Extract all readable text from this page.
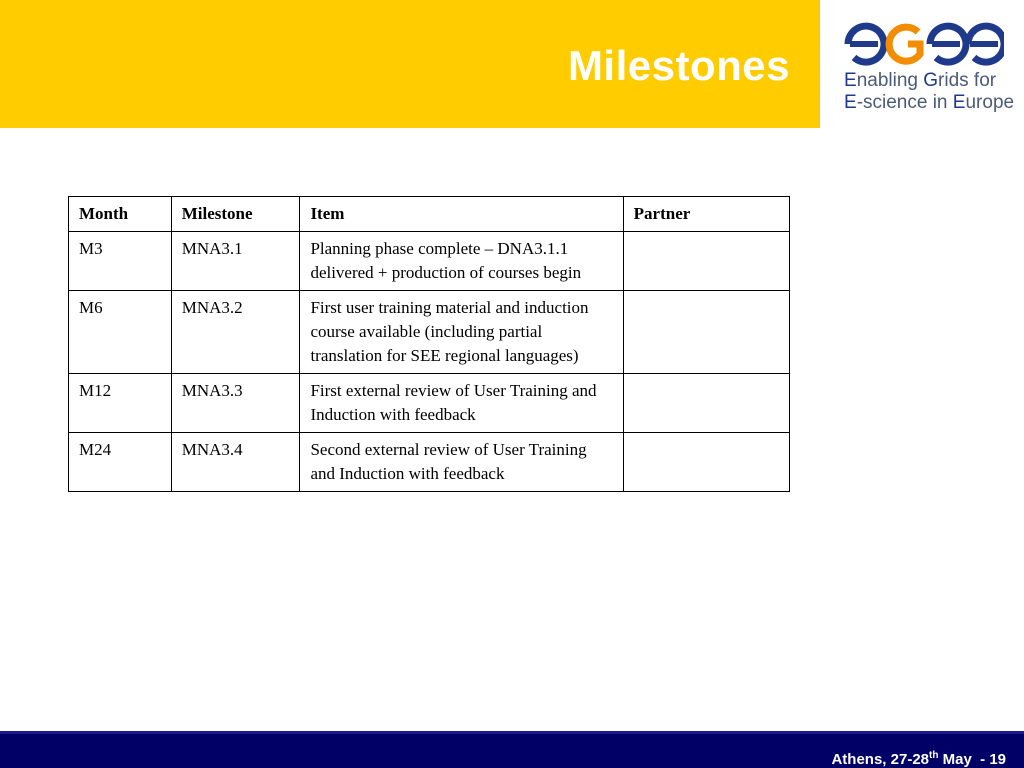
Milestones	Enabling Grids for
E-science in Europe
Month	Milestone	Item	Partner
M3	MNA3.1	Planning phase complete – DNA3.1.1 delivered + production of courses begin	
M6	MNA3.2	First user training material and induction course available (including partial translation for SEE regional languages)	
M12	MNA3.3	First external review of User Training and Induction with feedback	
M24	MNA3.4	Second external review of User Training and Induction with feedback	
Athens, 27-28th May  - 19
